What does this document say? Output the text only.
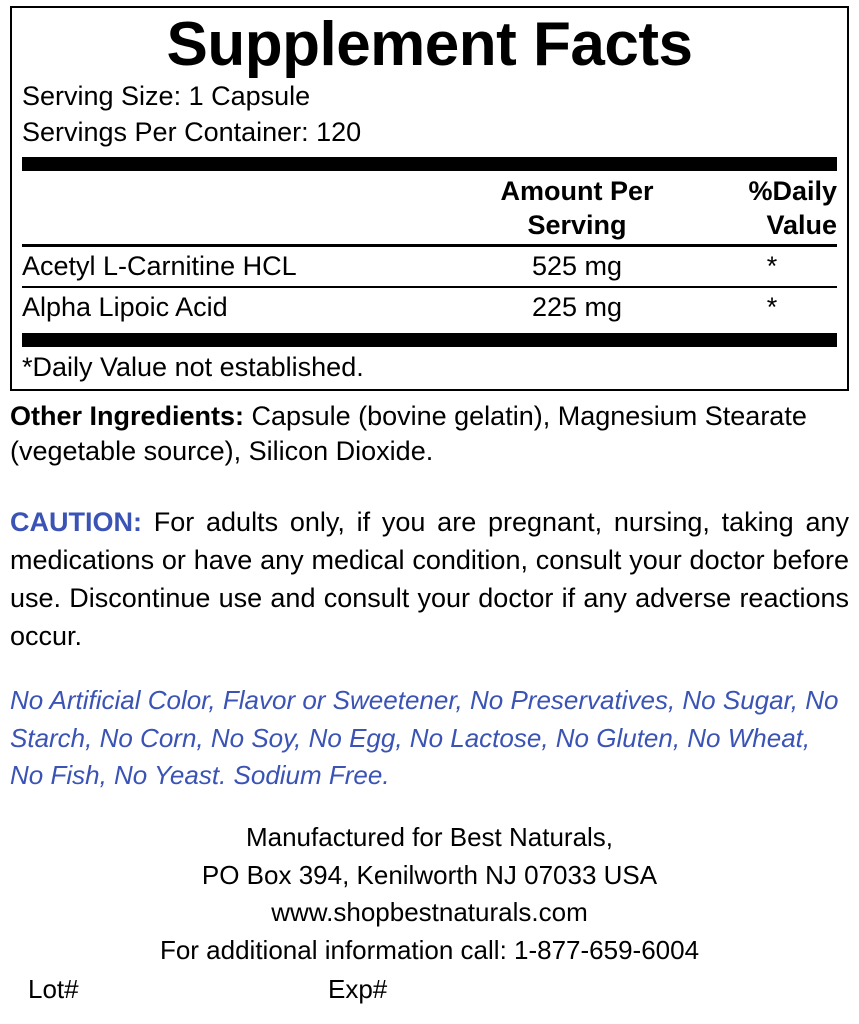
Supplement Facts
Serving Size: 1 Capsule
Servings Per Container: 120
Amount Per
Serving
%Daily
Value
Acetyl L-Carnitine HCL	525 mg	*
Alpha Lipoic Acid	225 mg	*
*Daily Value not established.

Other Ingredients: Capsule (bovine gelatin), Magnesium Stearate (vegetable source), Silicon Dioxide.

CAUTION: For adults only, if you are pregnant, nursing, taking any medications or have any medical condition, consult your doctor before use. Discontinue use and consult your doctor if any adverse reactions occur.

No Artificial Color, Flavor or Sweetener, No Preservatives, No Sugar, No Starch, No Corn, No Soy, No Egg, No Lactose, No Gluten, No Wheat, No Fish, No Yeast. Sodium Free.

Manufactured for Best Naturals,
PO Box 394, Kenilworth NJ 07033 USA
www.shopbestnaturals.com
For additional information call: 1-877-659-6004
Lot#	Exp#
